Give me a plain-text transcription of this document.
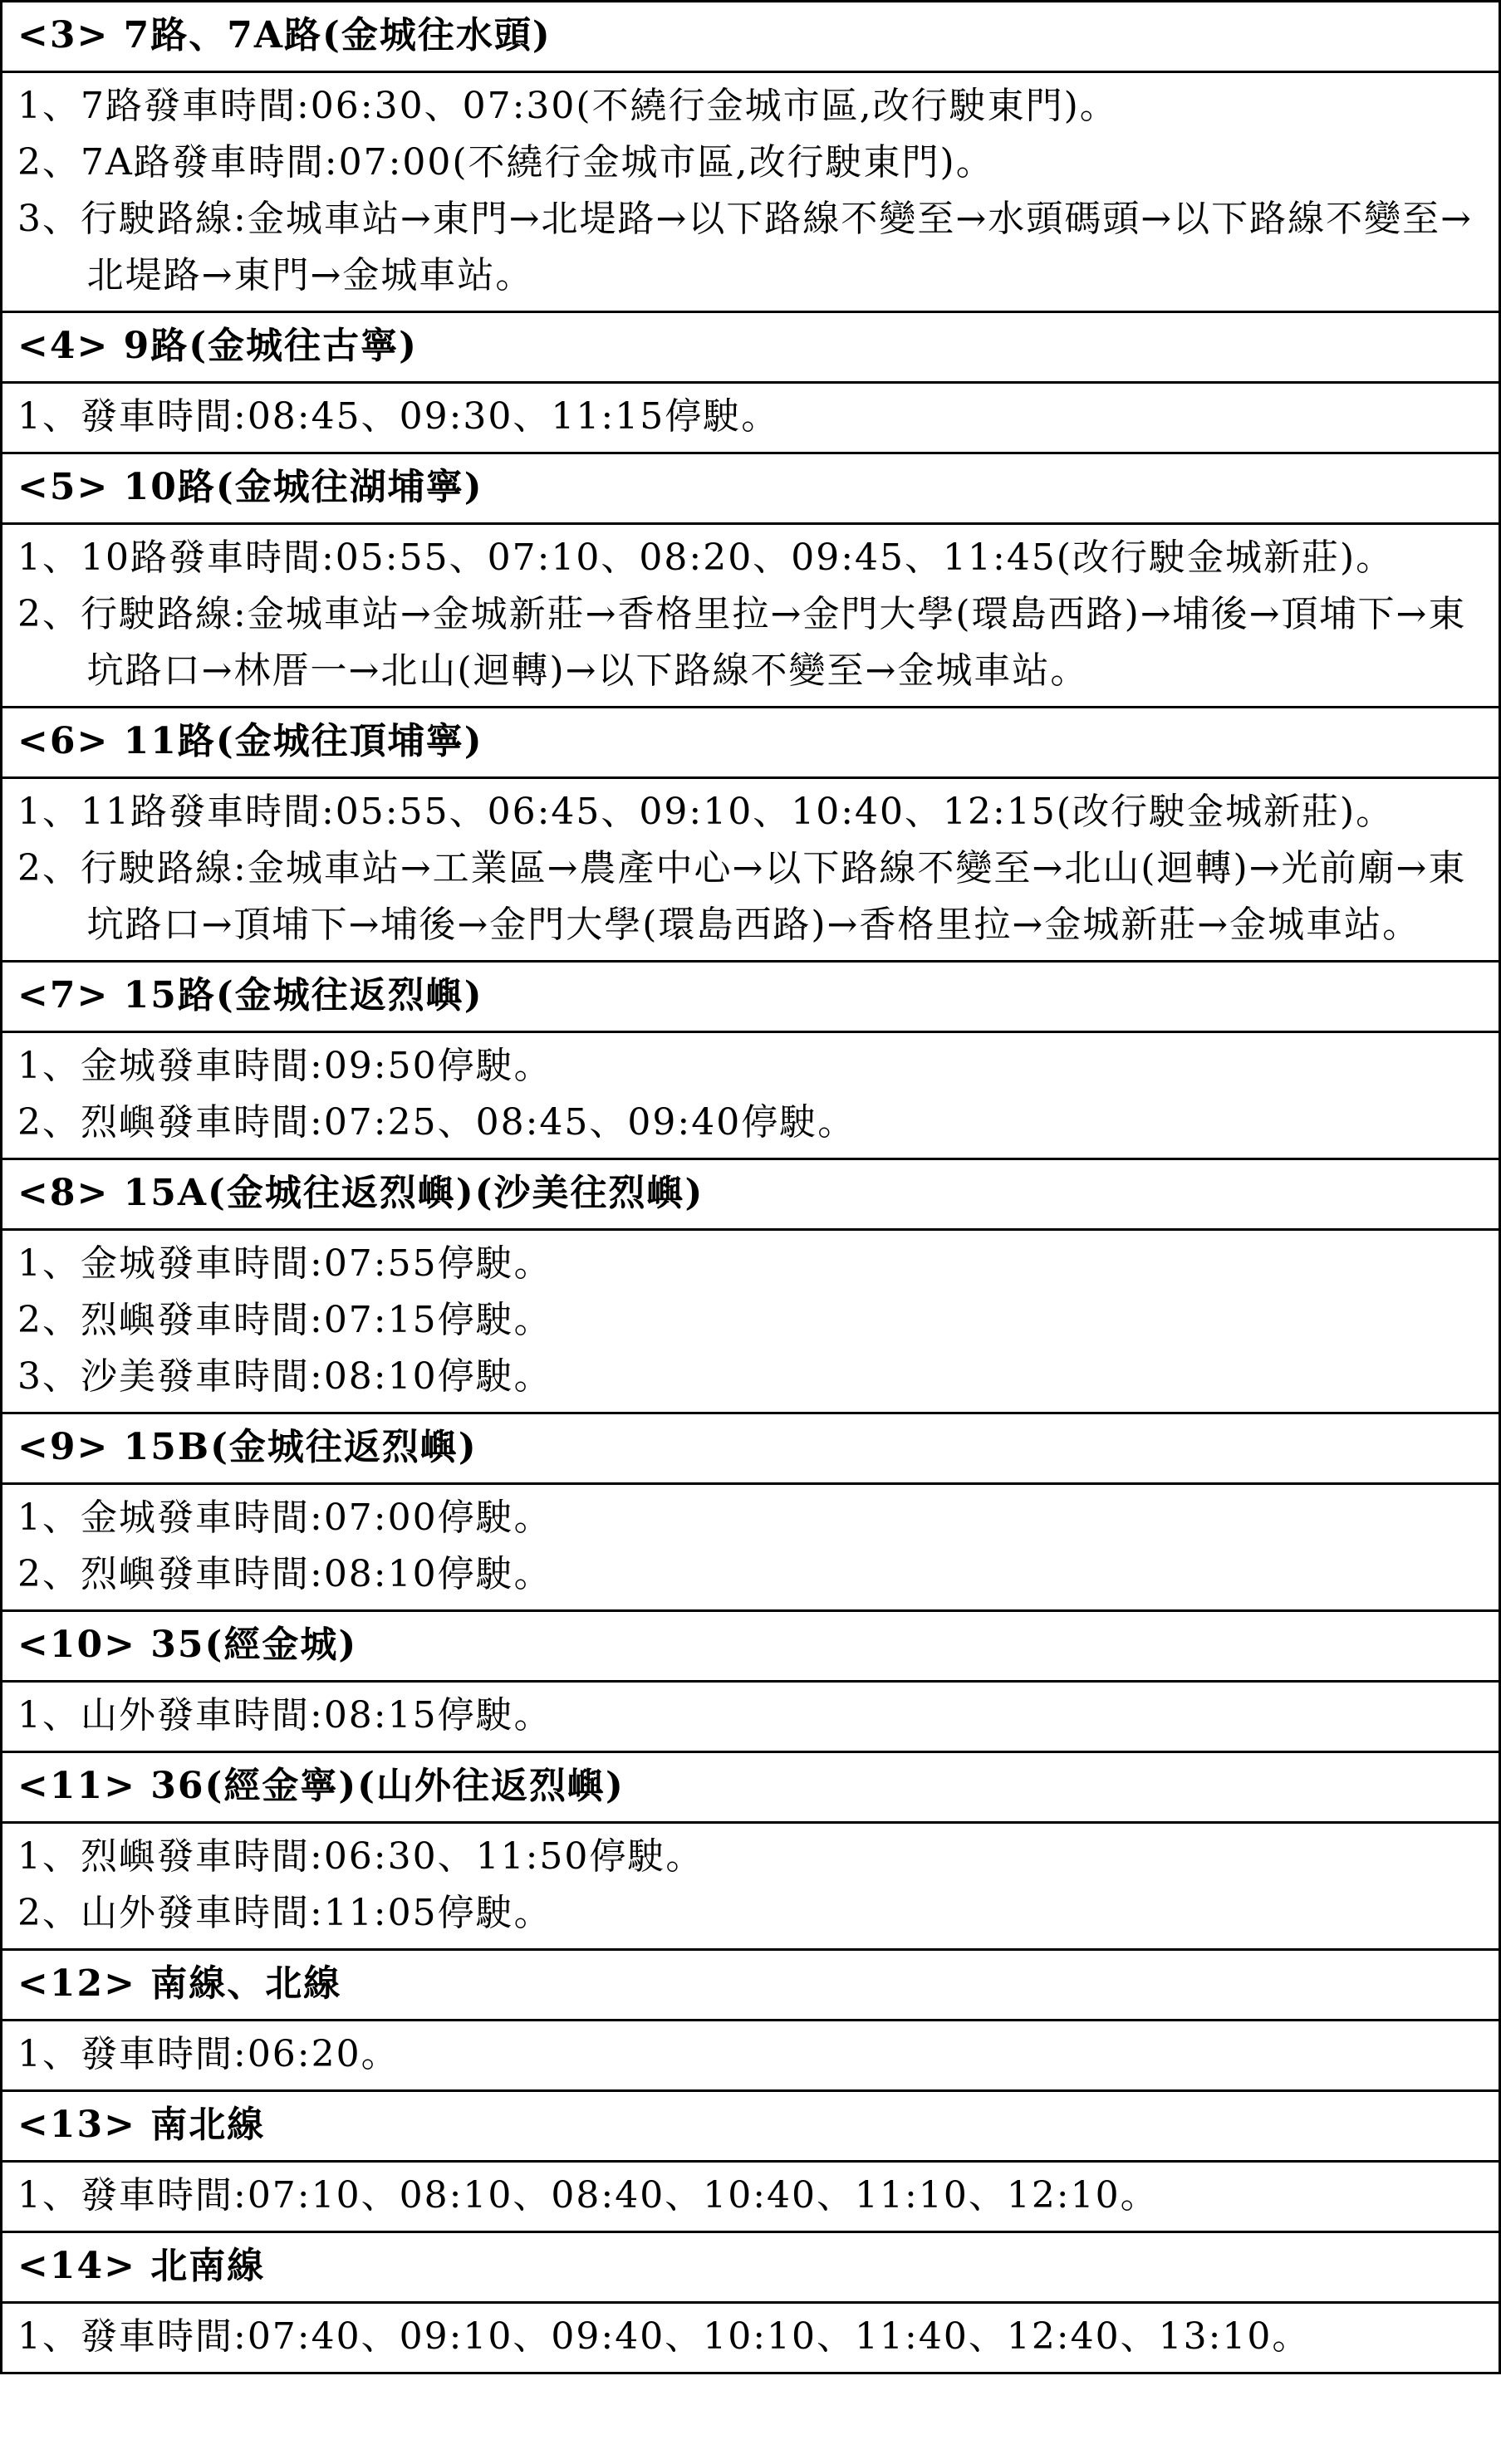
<3> 7路、7A路(金城往水頭)

1、7路發車時間:06:30、07:30(不繞行金城市區,改行駛東門)。
2、7A路發車時間:07:00(不繞行金城市區,改行駛東門)。
3、行駛路線:金城車站→東門→北堤路→以下路線不變至→水頭碼頭→以下路線不變至→北堤路→東門→金城車站。

<4> 9路(金城往古寧)

1、發車時間:08:45、09:30、11:15停駛。

<5> 10路(金城往湖埔寧)

1、10路發車時間:05:55、07:10、08:20、09:45、11:45(改行駛金城新莊)。
2、行駛路線:金城車站→金城新莊→香格里拉→金門大學(環島西路)→埔後→頂埔下→東坑路口→林厝一→北山(迴轉)→以下路線不變至→金城車站。

<6> 11路(金城往頂埔寧)

1、11路發車時間:05:55、06:45、09:10、10:40、12:15(改行駛金城新莊)。
2、行駛路線:金城車站→工業區→農產中心→以下路線不變至→北山(迴轉)→光前廟→東坑路口→頂埔下→埔後→金門大學(環島西路)→香格里拉→金城新莊→金城車站。

<7> 15路(金城往返烈嶼)

1、金城發車時間:09:50停駛。
2、烈嶼發車時間:07:25、08:45、09:40停駛。

<8> 15A(金城往返烈嶼)(沙美往烈嶼)

1、金城發車時間:07:55停駛。
2、烈嶼發車時間:07:15停駛。
3、沙美發車時間:08:10停駛。

<9> 15B(金城往返烈嶼)

1、金城發車時間:07:00停駛。
2、烈嶼發車時間:08:10停駛。

<10> 35(經金城)

1、山外發車時間:08:15停駛。

<11> 36(經金寧)(山外往返烈嶼)

1、烈嶼發車時間:06:30、11:50停駛。
2、山外發車時間:11:05停駛。

<12> 南線、北線

1、發車時間:06:20。

<13> 南北線

1、發車時間:07:10、08:10、08:40、10:40、11:10、12:10。

<14> 北南線

1、發車時間:07:40、09:10、09:40、10:10、11:40、12:40、13:10。
